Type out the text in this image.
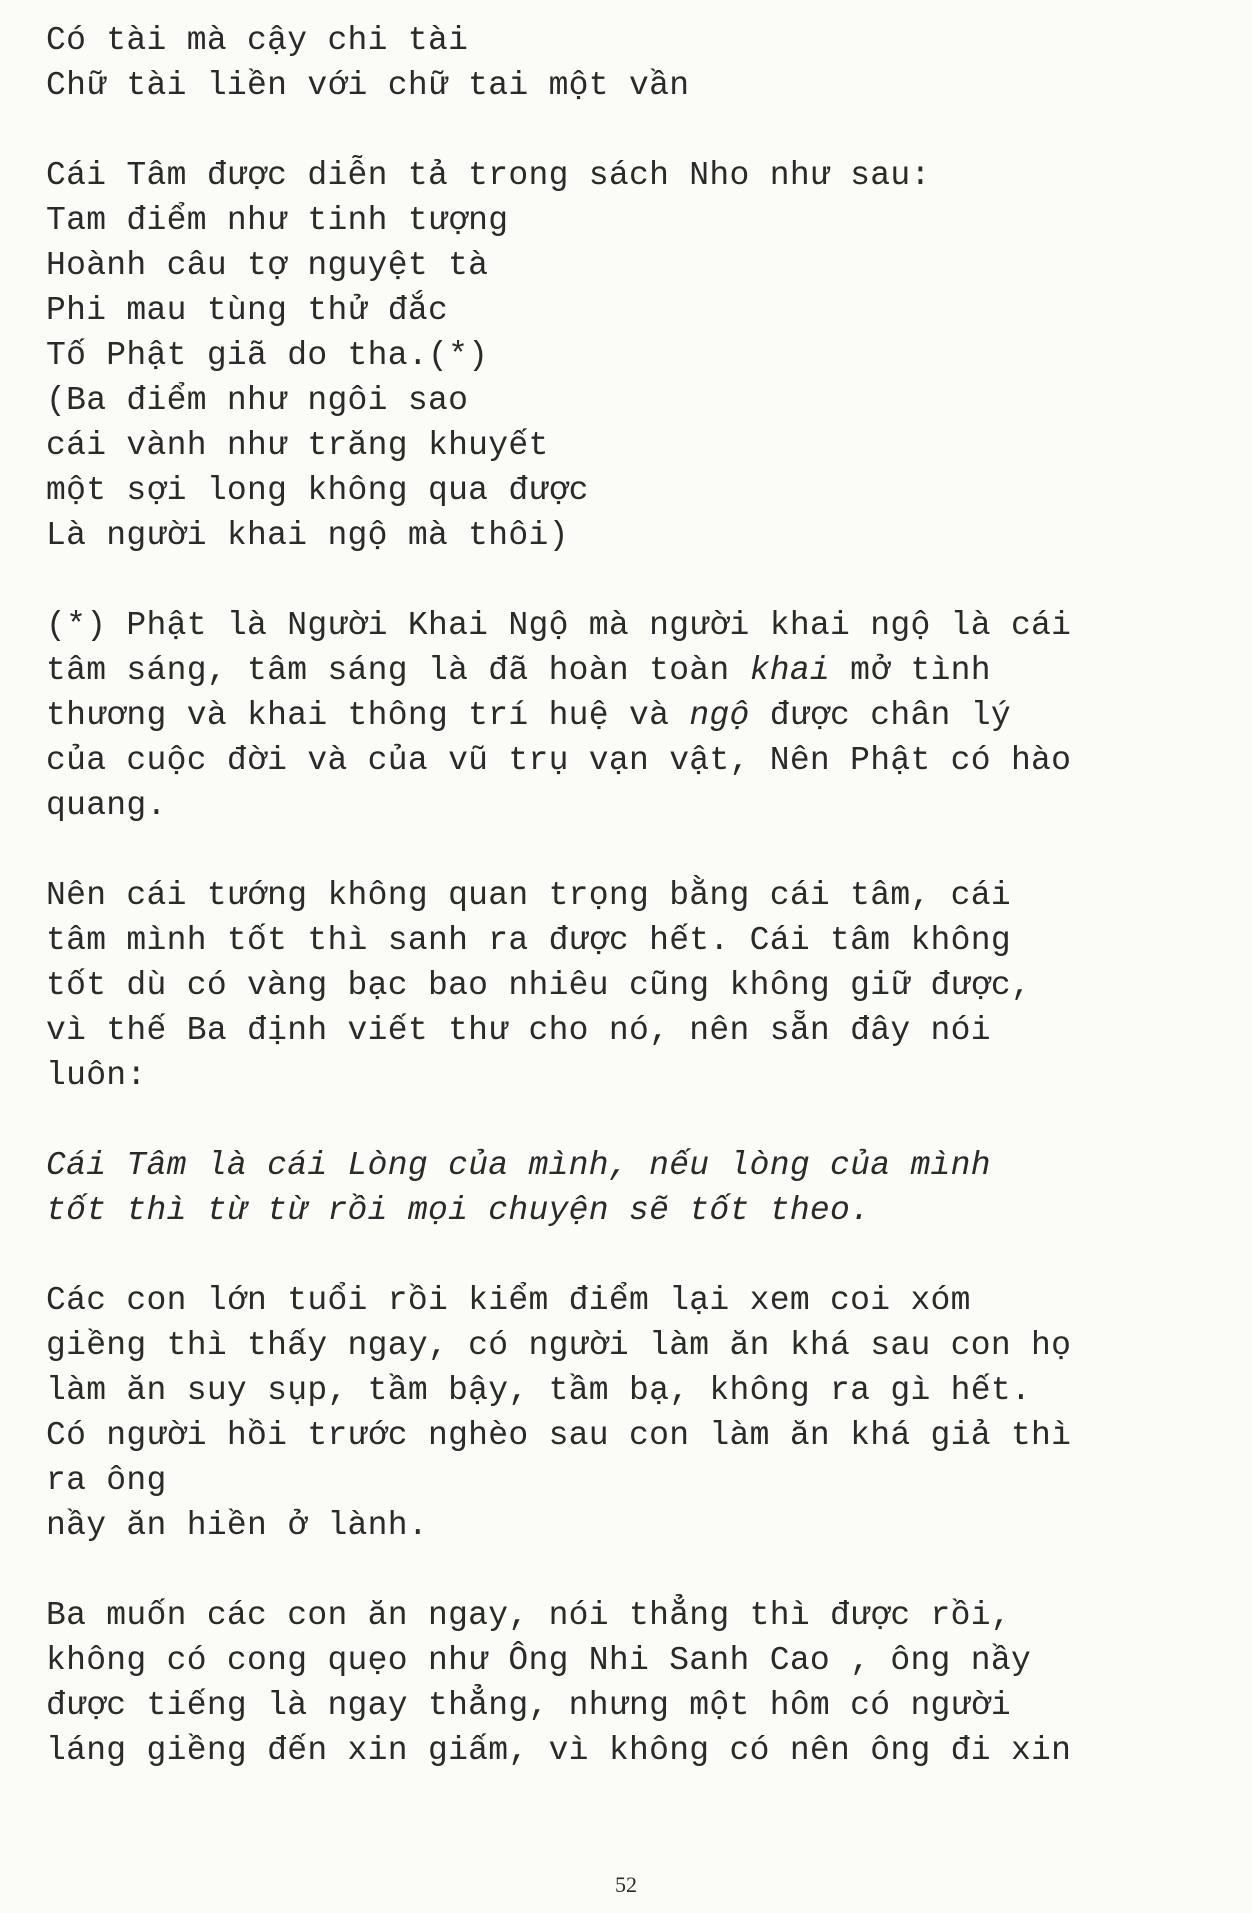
Có tài mà cậy chi tài
Chữ tài liền với chữ tai một vần
Cái Tâm được diễn tả trong sách Nho như sau:
Tam điểm như tinh tượng
Hoành câu tợ nguyệt tà
Phi mau tùng thử đắc
Tố Phật giã do tha.(*)
(Ba điểm như ngôi sao
cái vành như trăng khuyết
một sợi long không qua được
Là người khai ngộ mà thôi)
(*) Phật là Người Khai Ngộ mà người khai ngộ là cái
tâm sáng, tâm sáng là đã hoàn toàn khai mở tình
thương và khai thông trí huệ và ngộ được chân lý
của cuộc đời và của vũ trụ vạn vật, Nên Phật có hào
quang.
Nên cái tướng không quan trọng bằng cái tâm, cái
tâm mình tốt thì sanh ra được hết. Cái tâm không
tốt dù có vàng bạc bao nhiêu cũng không giữ được,
vì thế Ba định viết thư cho nó, nên sẵn đây nói
luôn:
Cái Tâm là cái Lòng của mình, nếu lòng của mình
tốt thì từ từ rồi mọi chuyện sẽ tốt theo.
Các con lớn tuổi rồi kiểm điểm lại xem coi xóm
giềng thì thấy ngay, có người làm ăn khá sau con họ
làm ăn suy sụp, tầm bậy, tầm bạ, không ra gì hết.
Có người hồi trước nghèo sau con làm ăn khá giả thì
ra ông
nầy ăn hiền ở lành.
Ba muốn các con ăn ngay, nói thẳng thì được rồi,
không có cong quẹo như Ông Nhi Sanh Cao , ông nầy
được tiếng là ngay thẳng, nhưng một hôm có người
láng giềng đến xin giấm, vì không có nên ông đi xin
52
